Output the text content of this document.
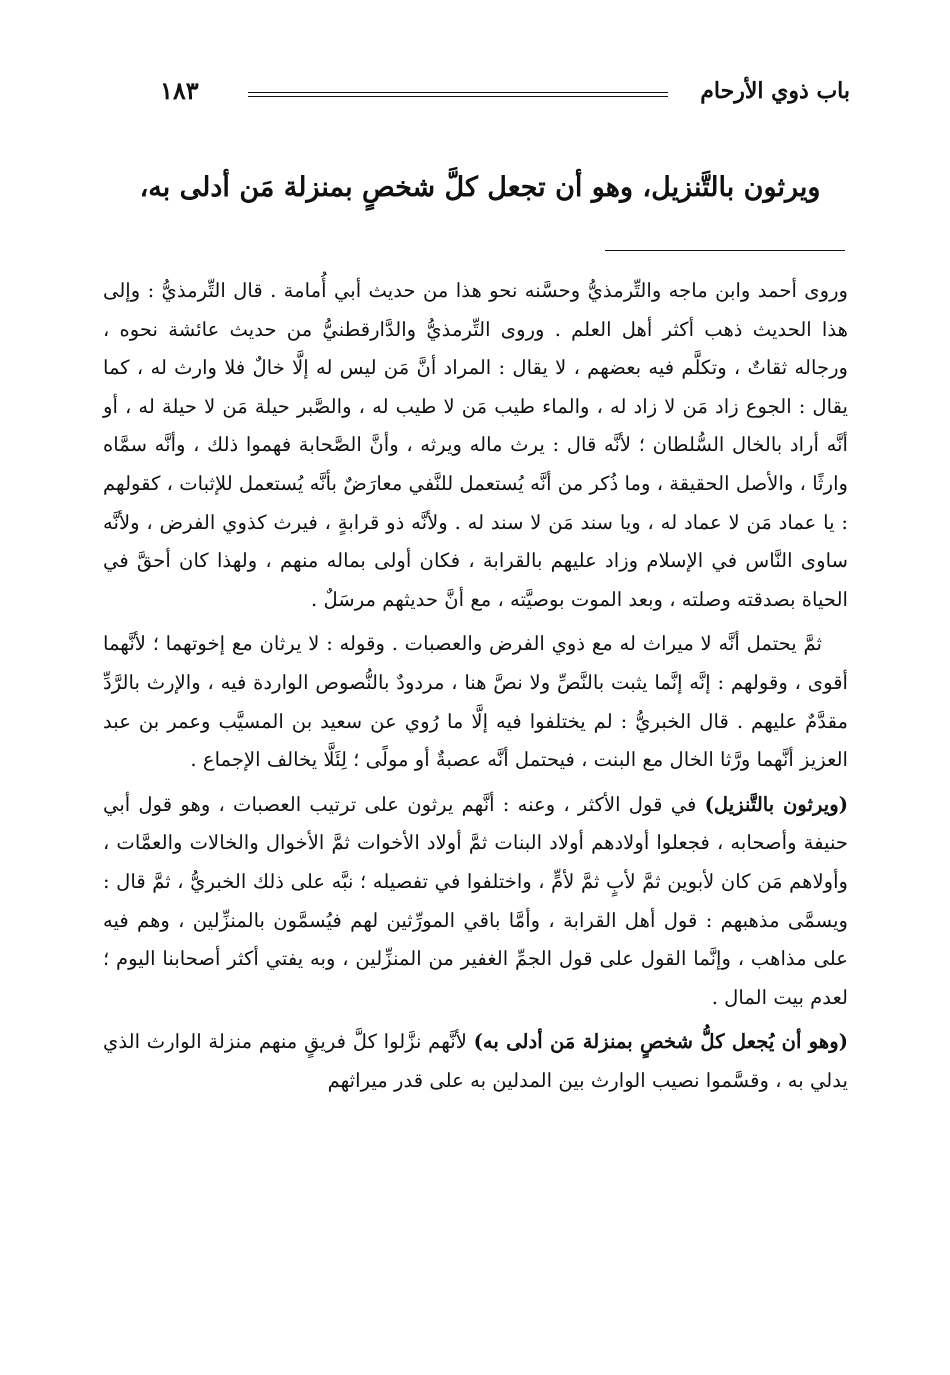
باب ذوي الأرحام
١٨٣
ويرثون بالتَّنزيل، وهو أن تجعل كلَّ شخصٍ بمنزلة مَن أدلى به،

وروى أحمد وابن ماجه والتِّرمذيُّ وحسَّنه نحو هذا من حديث أبي أُمامة . قال التِّرمذيُّ : وإلى هذا الحديث ذهب أكثر أهل العلم . وروى التِّرمذيُّ والدَّارقطنيُّ من حديث عائشة نحوه ، ورجاله ثقاتٌ ، وتكلَّم فيه بعضهم ، لا يقال : المراد أنَّ مَن ليس له إلَّا خالٌ فلا وارث له ، كما يقال : الجوع زاد مَن لا زاد له ، والماء طيب مَن لا طيب له ، والصَّبر حيلة مَن لا حيلة له ، أو أنَّه أراد بالخال السُّلطان ؛ لأنَّه قال : يرث ماله ويرثه ، وأنَّ الصَّحابة فهموا ذلك ، وأنَّه سمَّاه وارثًا ، والأصل الحقيقة ، وما ذُكر من أنَّه يُستعمل للنَّفي معارَضٌ بأنَّه يُستعمل للإثبات ، كقولهم : يا عماد مَن لا عماد له ، ويا سند مَن لا سند له . ولأنَّه ذو قرابةٍ ، فيرث كذوي الفرض ، ولأنَّه ساوى النَّاس في الإسلام وزاد عليهم بالقرابة ، فكان أولى بماله منهم ، ولهذا كان أحقَّ في الحياة بصدقته وصلته ، وبعد الموت بوصيَّته ، مع أنَّ حديثهم مرسَلٌ .

ثمَّ يحتمل أنَّه لا ميراث له مع ذوي الفرض والعصبات . وقوله : لا يرثان مع إخوتهما ؛ لأنَّهما أقوى ، وقولهم : إنَّه إنَّما يثبت بالنَّصِّ ولا نصَّ هنا ، مردودٌ بالنُّصوص الواردة فيه ، والإرث بالرَّدِّ مقدَّمٌ عليهم . قال الخبريُّ : لم يختلفوا فيه إلَّا ما رُوي عن سعيد بن المسيَّب وعمر بن عبد العزيز أنَّهما ورَّثا الخال مع البنت ، فيحتمل أنَّه عصبةٌ أو مولًى ؛ لِئَلَّا يخالف الإجماع .

(ويرثون بالتَّنزيل) في قول الأكثر ، وعنه : أنَّهم يرثون على ترتيب العصبات ، وهو قول أبي حنيفة وأصحابه ، فجعلوا أولادهم أولاد البنات ثمَّ أولاد الأخوات ثمَّ الأخوال والخالات والعمَّات ، وأولاهم مَن كان لأبوين ثمَّ لأبٍ ثمَّ لأمٍّ ، واختلفوا في تفصيله ؛ نبَّه على ذلك الخبريُّ ، ثمَّ قال : ويسمَّى مذهبهم : قول أهل القرابة ، وأمَّا باقي المورِّثين لهم فيُسمَّون بالمنزِّلين ، وهم فيه على مذاهب ، وإنَّما القول على قول الجمِّ الغفير من المنزِّلين ، وبه يفتي أكثر أصحابنا اليوم ؛ لعدم بيت المال .

(وهو أن يُجعل كلُّ شخصٍ بمنزلة مَن أدلى به) لأنَّهم نزَّلوا كلَّ فريقٍ منهم منزلة الوارث الذي يدلي به ، وقسَّموا نصيب الوارث بين المدلين به على قدر ميراثهم
